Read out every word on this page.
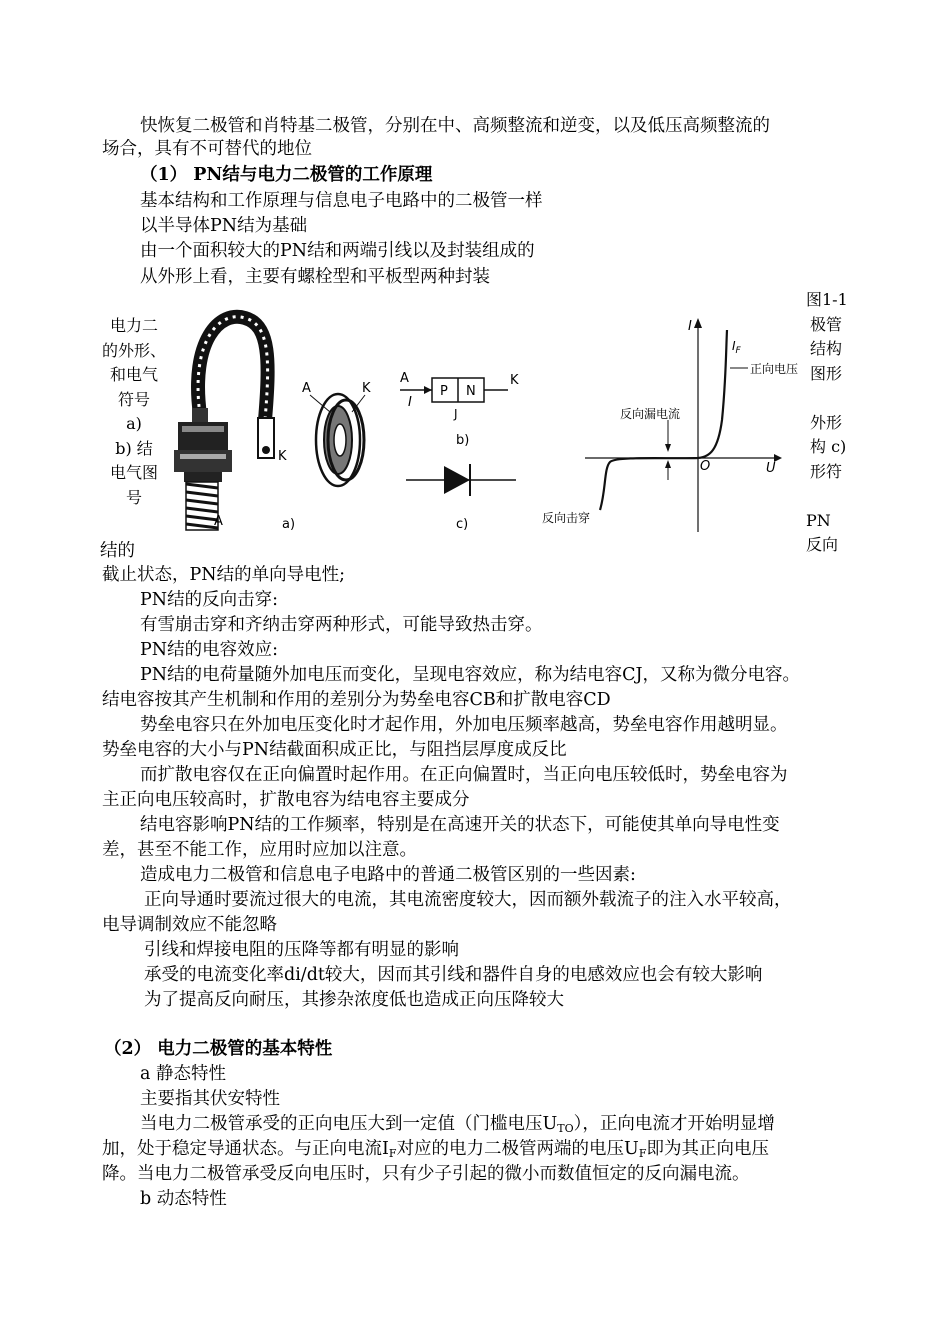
快恢复二极管和肖特基二极管，分别在中、高频整流和逆变，以及低压高频整流的
场合，具有不可替代的地位
（1） PN结与电力二极管的工作原理
基本结构和工作原理与信息电子电路中的二极管一样
以半导体PN结为基础
由一个面积较大的PN结和两端引线以及封装组成的
从外形上看，主要有螺栓型和平板型两种封装
电力二
的外形、
和电气
符号
a)
b) 结
电气图
号
图1-1
极管
结构
图形
外形
构 c)
形符
PN
反向
结的
A
K
a)
A	K
A	K
I
P N
J
b)
c)
I
$I_F$
U
O
正向电压
反向漏电流
反向击穿
截止状态，PN结的单向导电性;
PN结的反向击穿:
有雪崩击穿和齐纳击穿两种形式，可能导致热击穿。
PN结的电容效应:
PN结的电荷量随外加电压而变化，呈现电容效应，称为结电容CJ，又称为微分电容。
结电容按其产生机制和作用的差别分为势垒电容CB和扩散电容CD
势垒电容只在外加电压变化时才起作用，外加电压频率越高，势垒电容作用越明显。
势垒电容的大小与PN结截面积成正比，与阻挡层厚度成反比
而扩散电容仅在正向偏置时起作用。在正向偏置时，当正向电压较低时，势垒电容为
主正向电压较高时，扩散电容为结电容主要成分
结电容影响PN结的工作频率，特别是在高速开关的状态下，可能使其单向导电性变
差，甚至不能工作，应用时应加以注意。
造成电力二极管和信息电子电路中的普通二极管区别的一些因素:
正向导通时要流过很大的电流，其电流密度较大，因而额外载流子的注入水平较高，
电导调制效应不能忽略
引线和焊接电阻的压降等都有明显的影响
承受的电流变化率di/dt较大，因而其引线和器件自身的电感效应也会有较大影响
为了提高反向耐压，其掺杂浓度低也造成正向压降较大
（2） 电力二极管的基本特性
a 静态特性
主要指其伏安特性
当电力二极管承受的正向电压大到一定值（门槛电压$U_{TO}$），正向电流才开始明显增
加，处于稳定导通状态。与正向电流$I_F$对应的电力二极管两端的电压$U_F$即为其正向电压
降。当电力二极管承受反向电压时，只有少子引起的微小而数值恒定的反向漏电流。
b 动态特性
